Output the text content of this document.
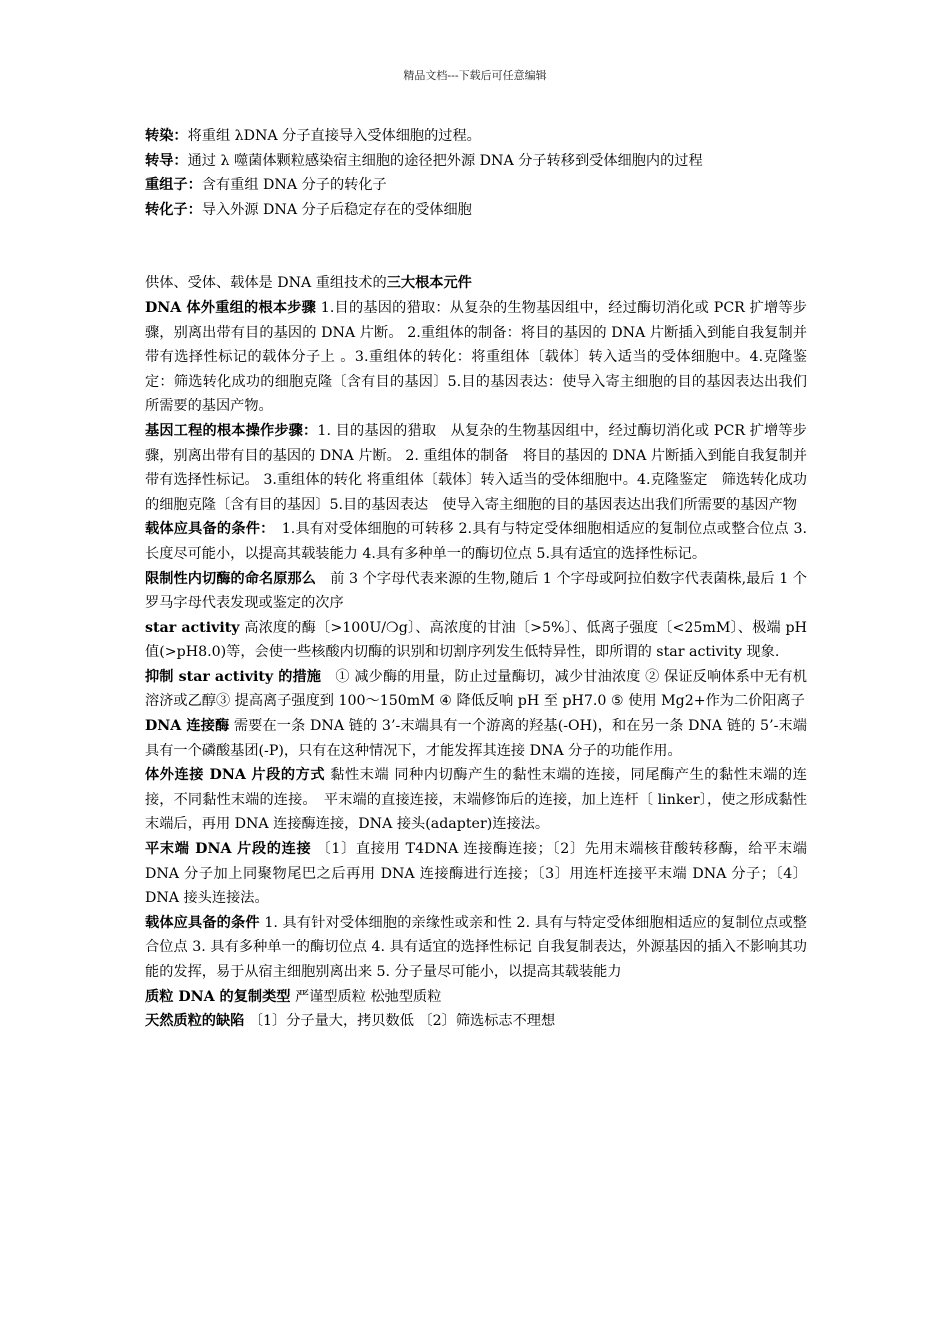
精品文档---下载后可任意编辑

转染：将重组 λDNA 分子直接导入受体细胞的过程。

转导：通过 λ 噬菌体颗粒感染宿主细胞的途径把外源 DNA 分子转移到受体细胞内的过程

重组子：含有重组 DNA 分子的转化子

转化子：导入外源 DNA 分子后稳定存在的受体细胞

供体、受体、载体是 DNA 重组技术的三大根本元件

DNA 体外重组的根本步骤 1.目的基因的猎取：从复杂的生物基因组中，经过酶切消化或 PCR 扩增等步骤，别离出带有目的基因的 DNA 片断。 2.重组体的制备：将目的基因的 DNA 片断插入到能自我复制并带有选择性标记的载体分子上 。3.重组体的转化：将重组体〔载体〕转入适当的受体细胞中。4.克隆鉴定：筛选转化成功的细胞克隆〔含有目的基因〕5.目的基因表达：使导入寄主细胞的目的基因表达出我们所需要的基因产物。

基因工程的根本操作步骤：1. 目的基因的猎取　从复杂的生物基因组中，经过酶切消化或 PCR 扩增等步骤，别离出带有目的基因的 DNA 片断。 2. 重组体的制备　将目的基因的 DNA 片断插入到能自我复制并带有选择性标记。 3.重组体的转化 将重组体〔载体〕转入适当的受体细胞中。4.克隆鉴定　筛选转化成功的细胞克隆〔含有目的基因〕5.目的基因表达　使导入寄主细胞的目的基因表达出我们所需要的基因产物

载体应具备的条件：　1.具有对受体细胞的可转移 2.具有与特定受体细胞相适应的复制位点或整合位点 3.长度尽可能小，以提高其载装能力 4.具有多种单一的酶切位点 5.具有适宜的选择性标记。

限制性内切酶的命名原那么　前 3 个字母代表来源的生物,随后 1 个字母或阿拉伯数字代表菌株,最后 1 个罗马字母代表发现或鉴定的次序

star activity 高浓度的酶〔>100U/❍g〕、高浓度的甘油〔>5%〕、低离子强度〔<25mM〕、极端 pH 值(>pH8.0)等，会使一些核酸内切酶的识别和切割序列发生低特异性，即所谓的 star activity 现象.

抑制 star activity 的措施　① 减少酶的用量，防止过量酶切，减少甘油浓度 ② 保证反响体系中无有机溶济或乙醇③ 提高离子强度到 100～150mM ④ 降低反响 pH 至 pH7.0 ⑤ 使用 Mg2+作为二价阳离子

DNA 连接酶 需要在一条 DNA 链的 3’-末端具有一个游离的羟基(-OH)，和在另一条 DNA 链的 5’-末端具有一个磷酸基团(-P)，只有在这种情况下，才能发挥其连接 DNA 分子的功能作用。

体外连接 DNA 片段的方式 黏性末端 同种内切酶产生的黏性末端的连接，同尾酶产生的黏性末端的连接，不同黏性末端的连接。　平末端的直接连接，末端修饰后的连接，加上连杆〔 linker〕，使之形成黏性末端后，再用 DNA 连接酶连接，DNA 接头(adapter)连接法。

平末端 DNA 片段的连接 〔1〕直接用 T4DNA 连接酶连接；〔2〕先用末端核苷酸转移酶，给平末端 DNA 分子加上同聚物尾巴之后再用 DNA 连接酶进行连接；〔3〕用连杆连接平末端 DNA 分子；〔4〕DNA 接头连接法。

载体应具备的条件 1. 具有针对受体细胞的亲缘性或亲和性 2. 具有与特定受体细胞相适应的复制位点或整合位点 3. 具有多种单一的酶切位点 4. 具有适宜的选择性标记 自我复制表达，外源基因的插入不影响其功能的发挥，易于从宿主细胞别离出来 5. 分子量尽可能小，以提高其载装能力

质粒 DNA 的复制类型 严谨型质粒 松弛型质粒

天然质粒的缺陷 〔1〕分子量大，拷贝数低 〔2〕筛选标志不理想
